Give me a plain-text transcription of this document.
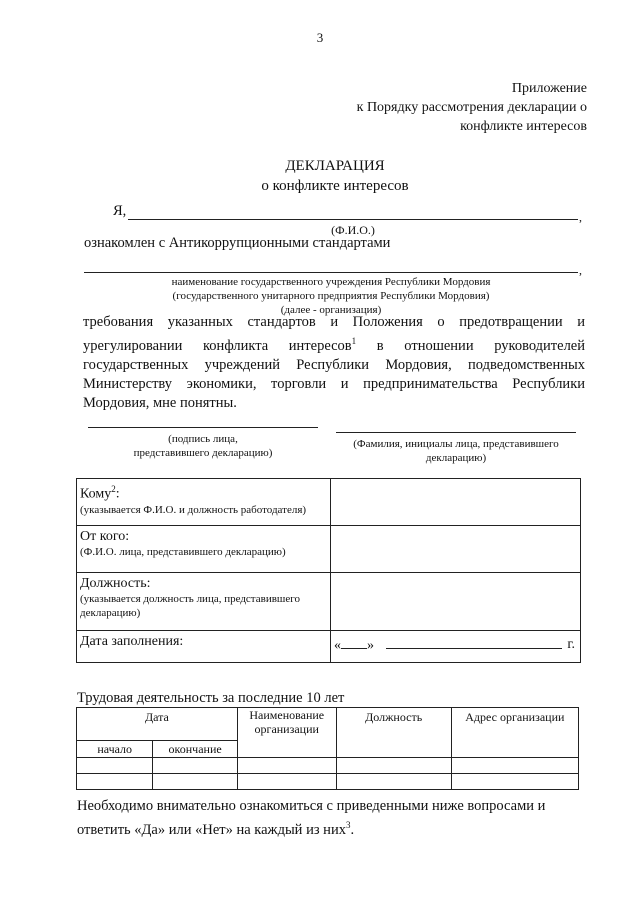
3
Приложение
к Порядку рассмотрения декларации о
конфликте интересов
ДЕКЛАРАЦИЯ
о конфликте интересов
Я,	,
(Ф.И.О.)
ознакомлен с Антикоррупционными стандартами
,
наименование государственного учреждения Республики Мордовия
(государственного унитарного предприятия Республики Мордовия)
(далее - организация)
требования указанных стандартов и Положения о предотвращении и
урегулировании конфликта интересов$^1$ в отношении руководителей
государственных учреждений Республики Мордовия, подведомственных
Министерству экономики, торговли и предпринимательства Республики
Мордовия, мне понятны.
(подпись лица,
представившего декларацию)
(Фамилия, инициалы лица, представившего
декларацию)
Кому$^2$:
(указывается Ф.И.О. и должность работодателя)	

От кого:
(Ф.И.О. лица, представившего декларацию)	

Должность:
(указывается должность лица, представившего декларацию)	

Дата заполнения:	« » г.
Трудовая деятельность за последние 10 лет
Дата		Наименование организации	Должность	Адрес организации
начало	окончание			

Необходимо внимательно ознакомиться с приведенными ниже вопросами и
ответить «Да» или «Нет» на каждый из них$^3$.
